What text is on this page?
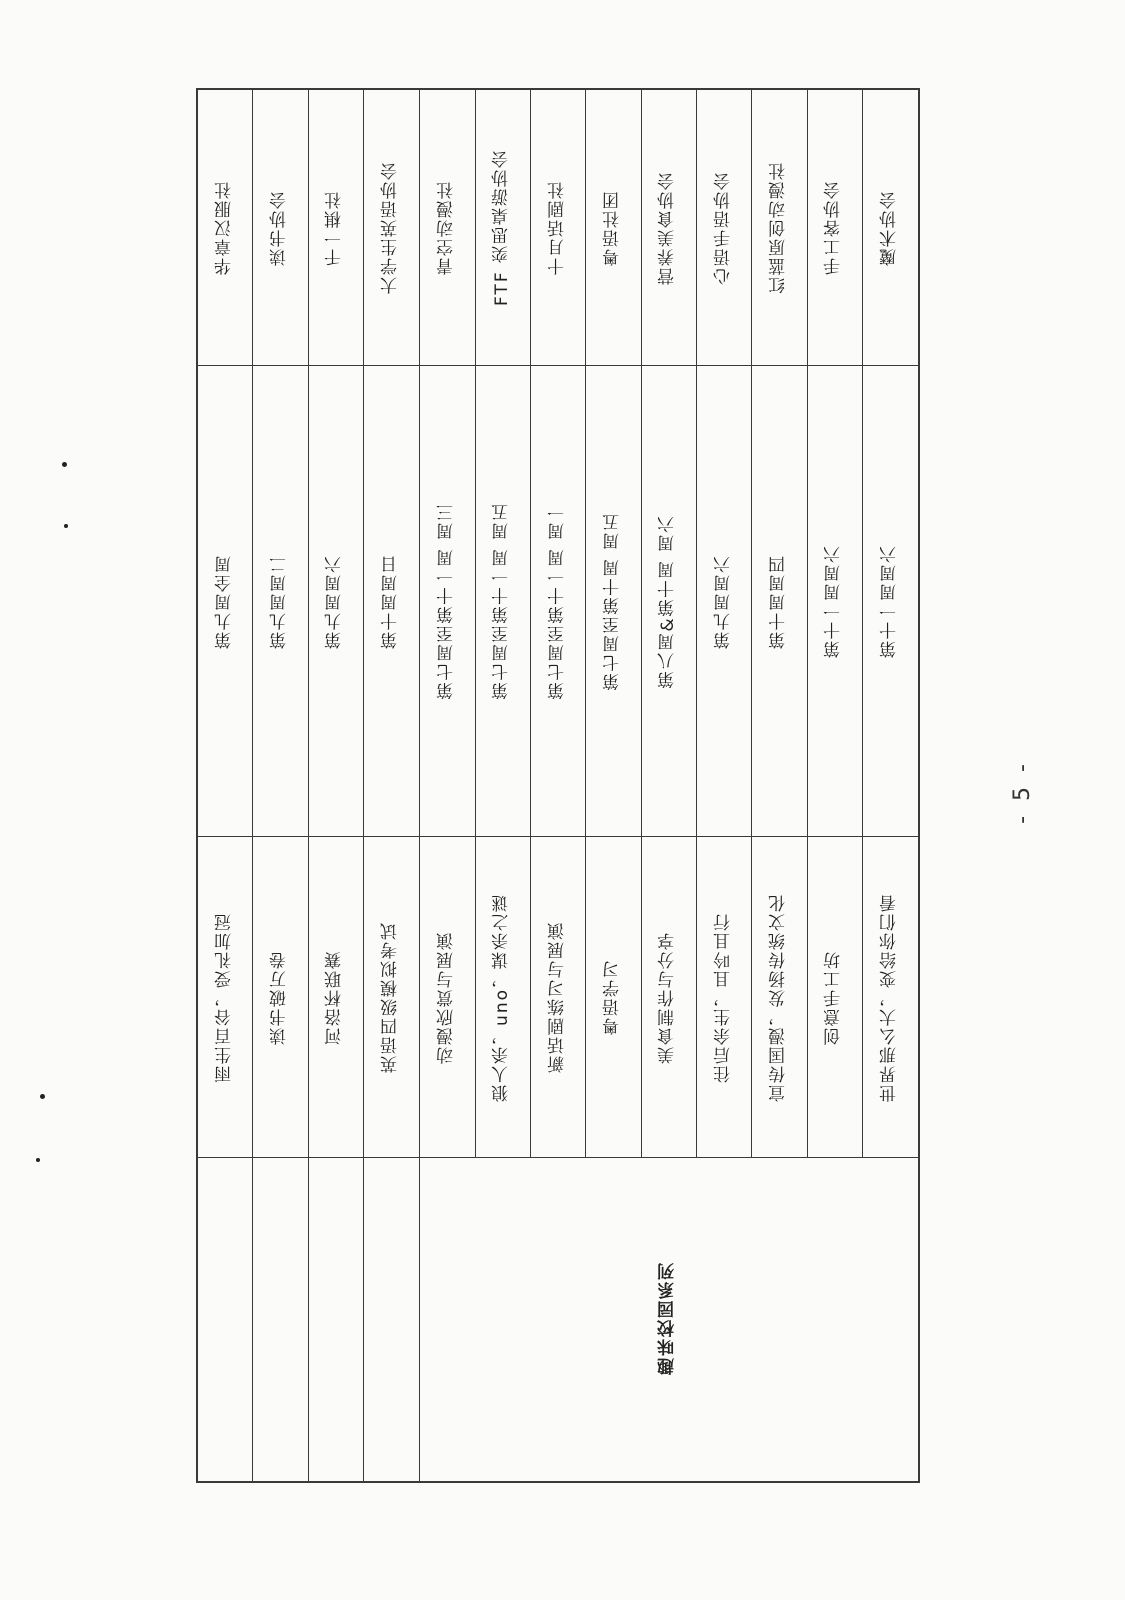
华章汉服社
第九周全周
雨生百谷，受礼加冠

读书协会
第九周周二
读书破万卷

千一棋社
第九周周六
河洛杯联赛

大学生英语协会
第十周周日
英语四级模拟考试

青空动漫社
第七周至第十一周 周三
动漫欣赏与展演

FTF 奕思桌游协会
第七周至第十一周 周五
狼人杀，uno，谋杀之谜

十月话剧社
第七周至第十一周 周一
新话剧练习与展演

粤语社团
第七周至第十周 周五
粤语学习

营养美食协会
第八周&第十周 周六
美食制作与分享

心语手语协会
第九周周六
往后余生，且吟且行

红蓝原创动漫社
第十周周四
宣传国漫，发扬传统文化

手工客协会
第十一周周六
创意手工坊

魔术协会
第十一周周六
世界那么大，变给你们看

趣味校园系列
- 5 -
